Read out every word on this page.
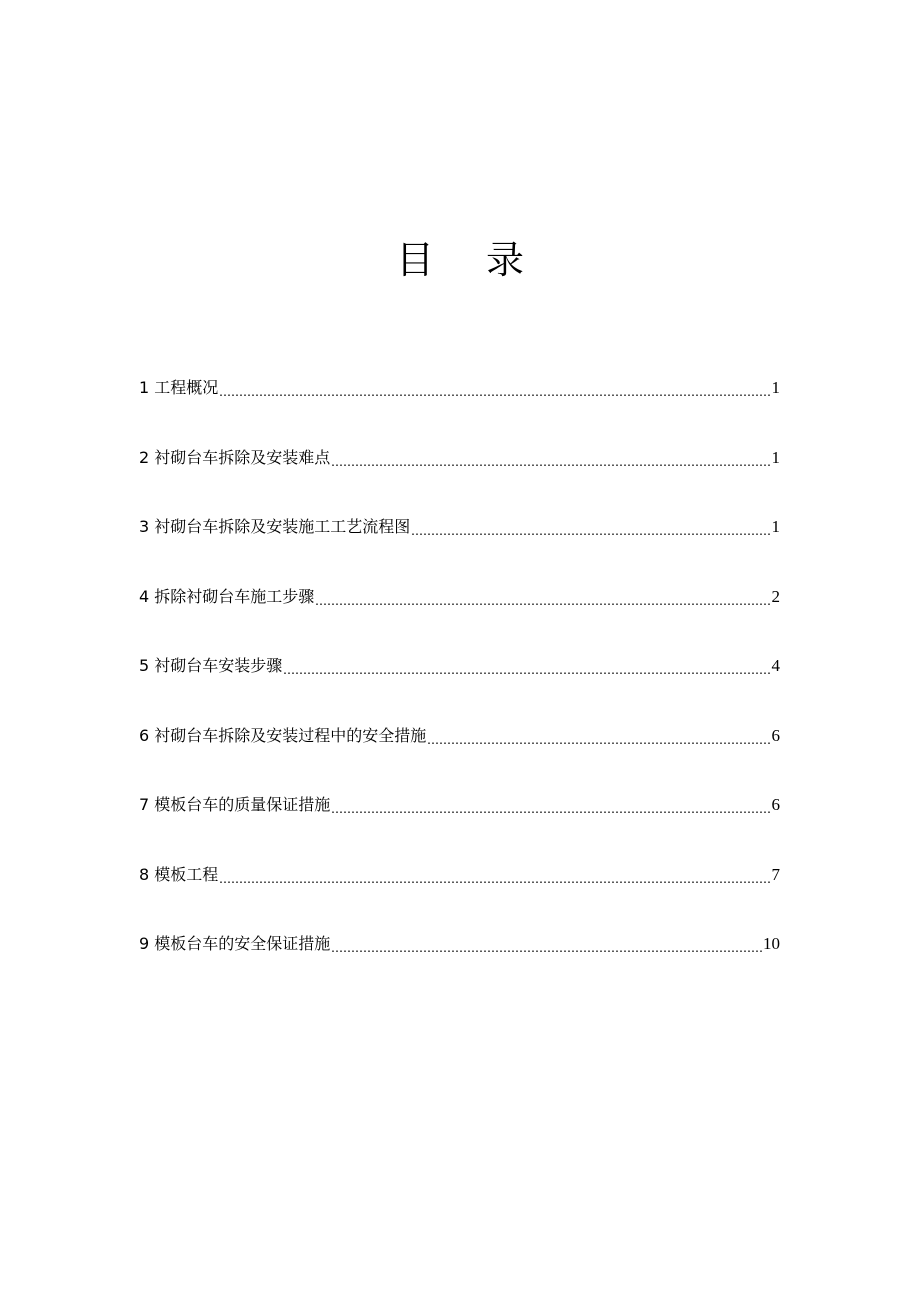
目录
1 工程概况 .....	1
2 衬砌台车拆除及安装难点 .....	1
3 衬砌台车拆除及安装施工工艺流程图 .....	1
4 拆除衬砌台车施工步骤 .....	2
5 衬砌台车安装步骤 .....	4
6 衬砌台车拆除及安装过程中的安全措施 .....	6
7 模板台车的质量保证措施 .....	6
8 模板工程 .....	7
9 模板台车的安全保证措施 .....	10
